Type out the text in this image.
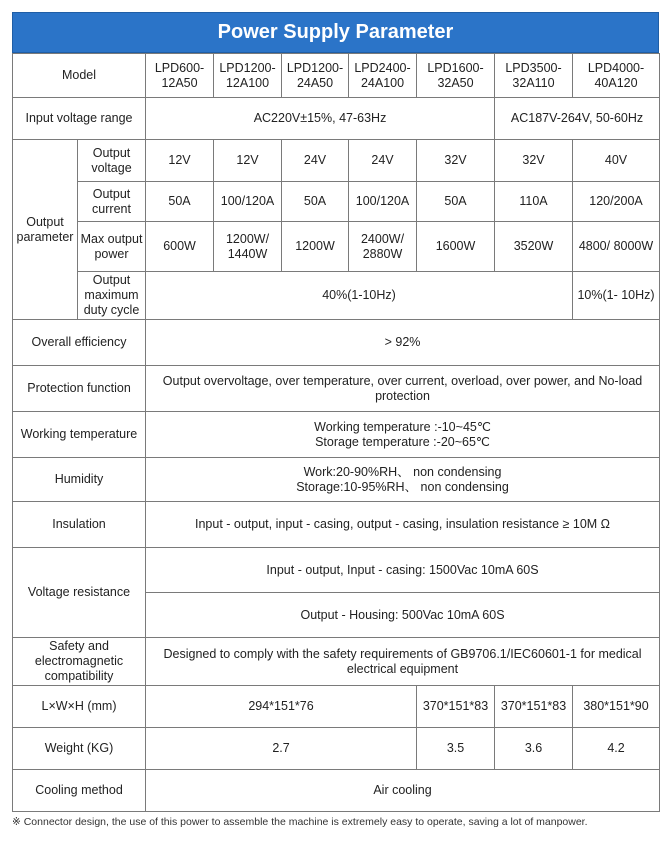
Power Supply Parameter
Model		LPD600-12A50	LPD1200-12A100	LPD1200-24A50	LPD2400-24A100	LPD1600-32A50	LPD3500-32A110	LPD4000-40A120
Input voltage range		AC220V±15%, 47-63Hz					AC187V-264V, 50-60Hz	
Output parameter	Output voltage	12V	12V	24V	24V	32V	32V	40V
	Output current	50A	100/120A	50A	100/120A	50A	110A	120/200A
	Max output power	600W	1200W/ 1440W	1200W	2400W/ 2880W	1600W	3520W	4800/ 8000W
	Output maximum duty cycle	40%(1-10Hz)						10%(1- 10Hz)
Overall efficiency		> 92%						
Protection function		Output overvoltage, over temperature, over current, overload, over power, and No-load protection						
Working temperature		Working temperature :-10~45℃
Storage temperature :-20~65℃						

Humidity		Work:20-90%RH、 non condensing
Storage:10-95%RH、 non condensing						

Insulation		Input - output, input - casing, output - casing, insulation resistance ≥ 10M Ω						
Voltage resistance		Input - output, Input - casing: 1500Vac 10mA 60S						
		Output - Housing: 500Vac 10mA 60S						
Safety and electromagnetic compatibility		Designed to comply with the safety requirements of GB9706.1/IEC60601-1 for medical electrical equipment						
L×W×H (mm)		294*151*76				370*151*83	370*151*83	380*151*90
Weight (KG)		2.7				3.5	3.6	4.2
Cooling method		Air cooling						
※ Connector design, the use of this power to assemble the machine is extremely easy to operate, saving a lot of manpower.
